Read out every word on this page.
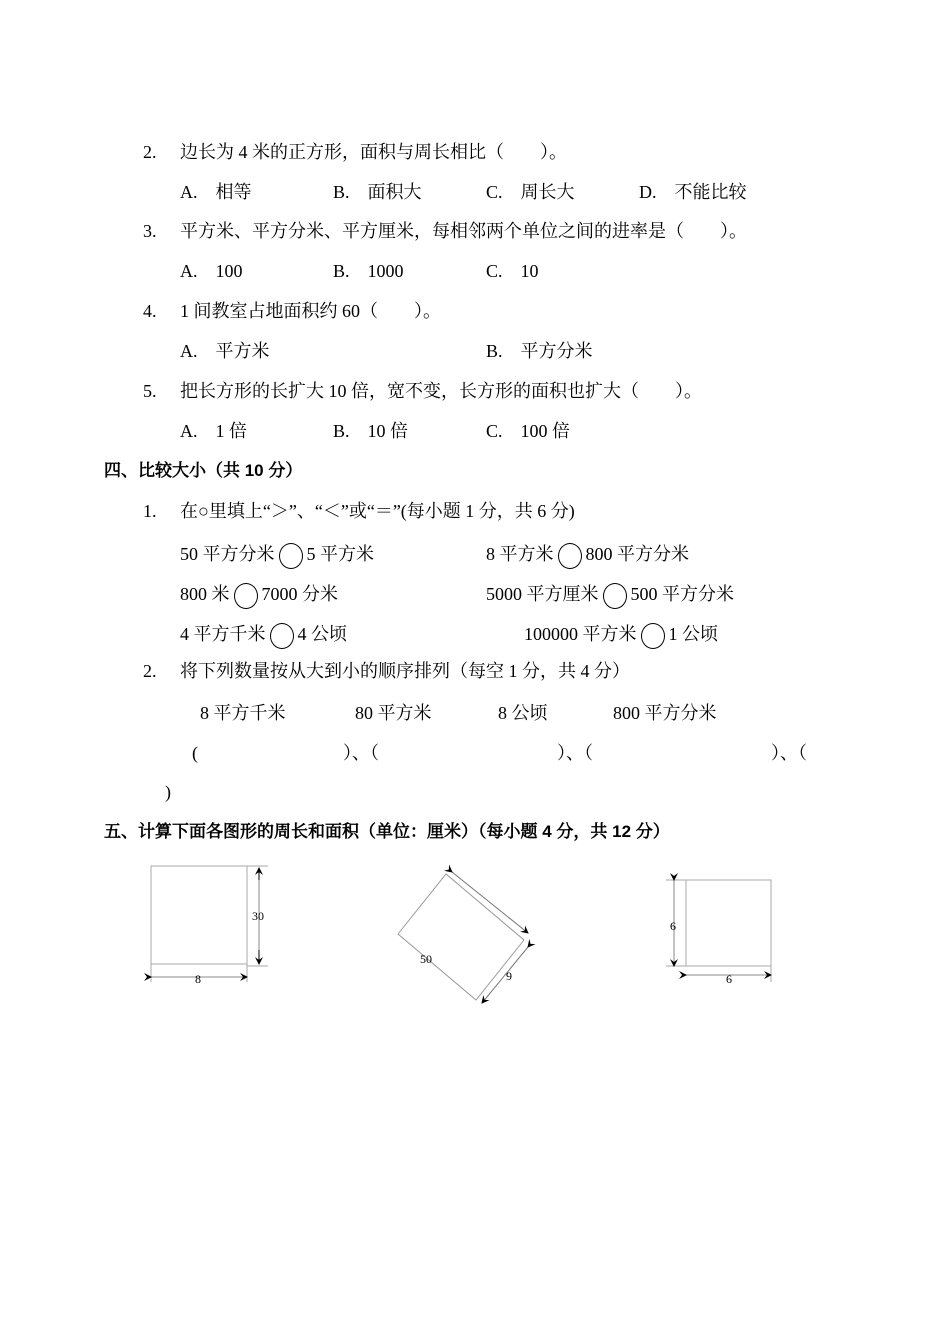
2. 边长为 4 米的正方形，面积与周长相比（　　）。
A.　相等	B.　面积大	C.　周长大	D.　不能比较
3. 平方米、平方分米、平方厘米，每相邻两个单位之间的进率是（　　）。
A.　100	B.　1000	C.　10
4. 1 间教室占地面积约 60（　　）。
A.　平方米	B.　平方分米
5. 把长方形的长扩大 10 倍，宽不变，长方形的面积也扩大（　　）。
A.　1 倍	B.　10 倍	C.　100 倍
四、比较大小（共 10 分）
1. 在○里填上“＞”、“＜”或“＝”(每小题 1 分，共 6 分)
50 平方分米 5 平方米	8 平方米 800 平方分米
800 米 7000 分米	5000 平方厘米 500 平方分米
4 平方千米 4 公顷	100000 平方米 1 公顷
2. 将下列数量按从大到小的顺序排列（每空 1 分，共 4 分）
8 平方千米	80 平方米	8 公顷	800 平方分米
(	）、（	）、（	）、（
)
五、计算下面各图形的周长和面积（单位：厘米）（每小题 4 分，共 12 分）
30
8
50
9
6
6
